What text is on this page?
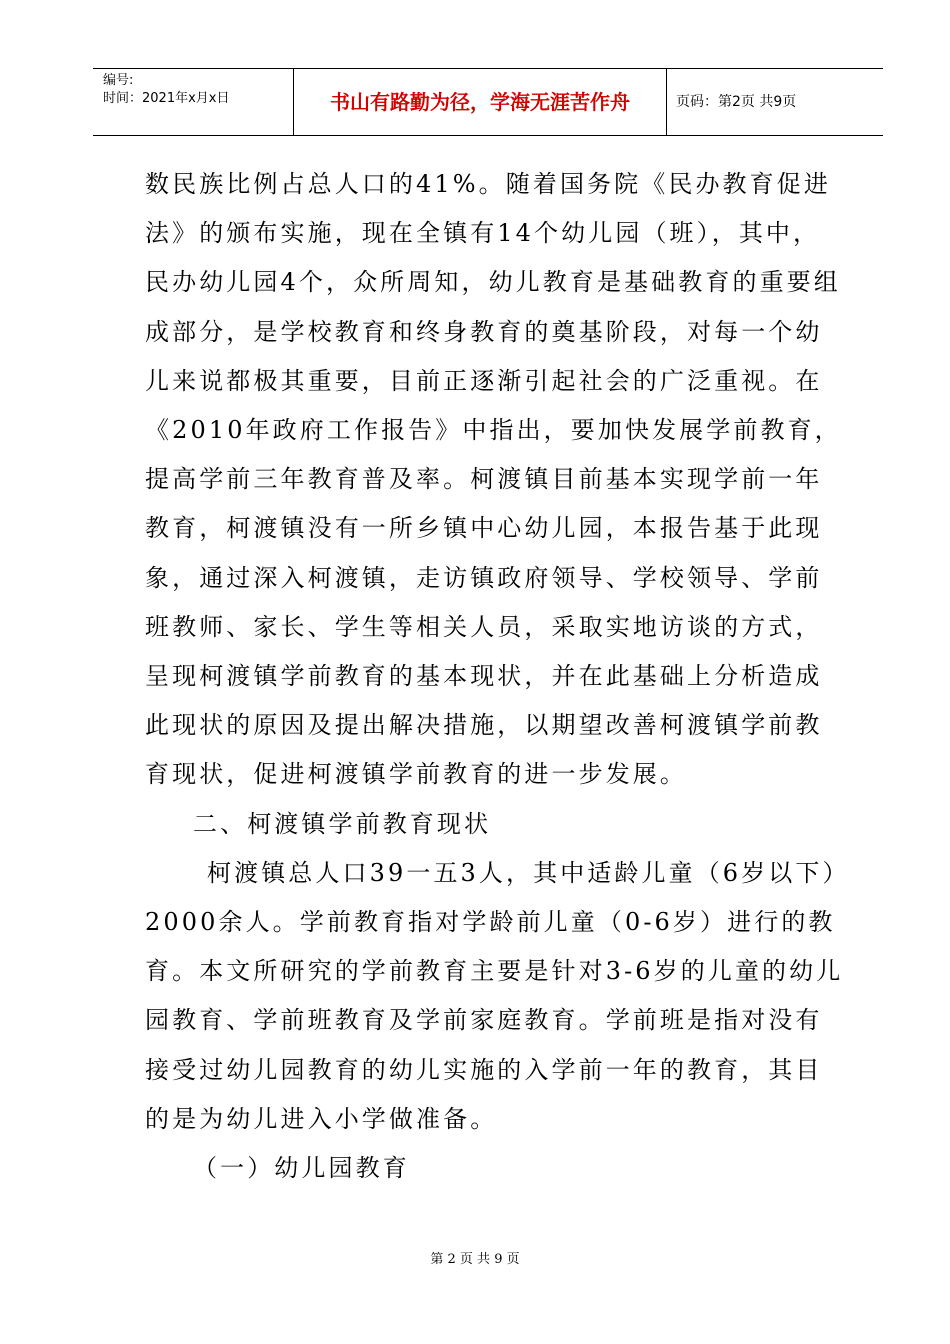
编号:
时间：2021年x月x日	书山有路勤为径，学海无涯苦作舟	页码：第2页 共9页

数民族比例占总人口的41%。随着国务院《民办教育促进法》的颁布实施，现在全镇有14个幼儿园（班），其中，民办幼儿园4个，众所周知，幼儿教育是基础教育的重要组成部分，是学校教育和终身教育的奠基阶段，对每一个幼儿来说都极其重要，目前正逐渐引起社会的广泛重视。在《2010年政府工作报告》中指出，要加快发展学前教育，提高学前三年教育普及率。柯渡镇目前基本实现学前一年教育，柯渡镇没有一所乡镇中心幼儿园，本报告基于此现象，通过深入柯渡镇，走访镇政府领导、学校领导、学前班教师、家长、学生等相关人员，采取实地访谈的方式，呈现柯渡镇学前教育的基本现状，并在此基础上分析造成此现状的原因及提出解决措施，以期望改善柯渡镇学前教育现状，促进柯渡镇学前教育的进一步发展。

二、柯渡镇学前教育现状

柯渡镇总人口39一五3人，其中适龄儿童（6岁以下）2000余人。学前教育指对学龄前儿童（0-6岁）进行的教育。本文所研究的学前教育主要是针对3-6岁的儿童的幼儿园教育、学前班教育及学前家庭教育。学前班是指对没有接受过幼儿园教育的幼儿实施的入学前一年的教育，其目的是为幼儿进入小学做准备。

（一）幼儿园教育

第 2 页 共 9 页
